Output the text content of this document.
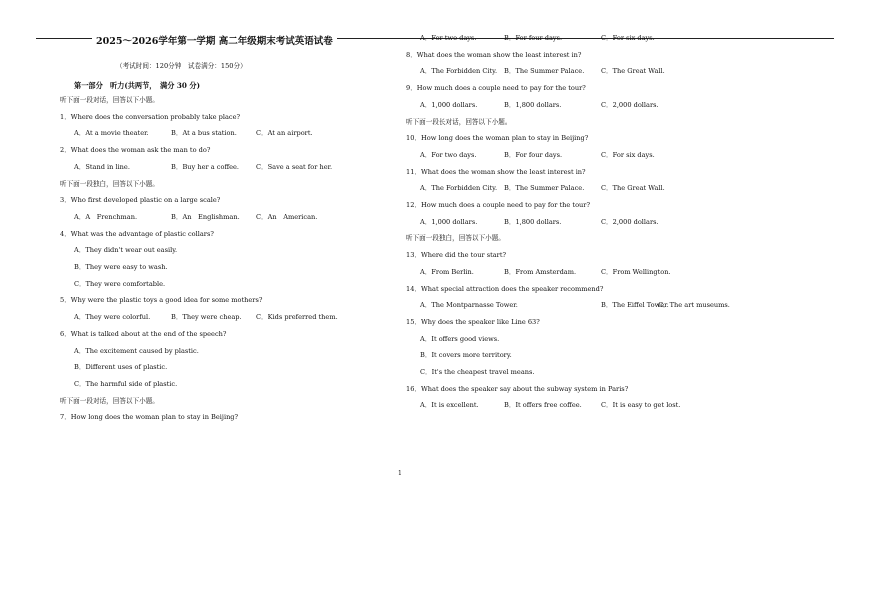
2025～2026学年第一学期 高二年级期末考试英语试卷
（考试时间：120分钟　试卷满分：150分）
第一部分　听力(共两节，　满分 30 分)
听下面一段对话，回答以下小题。
1．Where does the conversation probably take place?
A．At a movie theater.	B．At a bus station.	C．At an airport.
2．What does the woman ask the man to do?
A．Stand in line.	B．Buy her a coffee.	C．Save a seat for her.
听下面一段独白，回答以下小题。
3．Who first developed plastic on a large scale?
A．A　Frenchman.	B．An　Englishman. C．An　American.
4．What was the advantage of plastic collars?
A．They didn't wear out easily.
B．They were easy to wash.
C．They were comfortable.
5．Why were the plastic toys a good idea for some mothers?
A．They were colorful.	B．They were cheap. C．Kids preferred them.
6．What is talked about at the end of the speech?
A．The excitement caused by plastic.
B．Different uses of plastic.
C．The harmful side of plastic.
听下面一段对话，回答以下小题。
7．How long does the woman plan to stay in Beijing?
A．For two days.	B．For four days.	C．For six days.
8．What does the woman show the least interest in?
A．The Forbidden City. B．The Summer Palace.	C．The Great Wall.
9．How much does a couple need to pay for the tour?
A．1,000 dollars.	B．1,800 dollars.	C．2,000 dollars.
听下面一段长对话，回答以下小题。
10．How long does the woman plan to stay in Beijing?
A．For two days.	B．For four days.	C．For six days.
11．What does the woman show the least interest in?
A．The Forbidden City. B．The Summer Palace.	C．The Great Wall.
12．How much does a couple need to pay for the tour?
A．1,000 dollars.	B．1,800 dollars.	C．2,000 dollars.
听下面一段独白，回答以下小题。
13．Where did the tour start?
A．From Berlin.	B．From Amsterdam.	C．From Wellington.
14．What special attraction does the speaker recommend?
A．The Montparnasse Tower.	B．The Eiffel Tower.
C．The art museums.
15．Why does the speaker like Line 63?
A．It offers good views.
B．It covers more territory.
C．It's the cheapest travel means.
16．What does the speaker say about the subway system in Paris?
A．It is excellent.	B．It offers free coffee.	C．It is easy to get lost.
1
